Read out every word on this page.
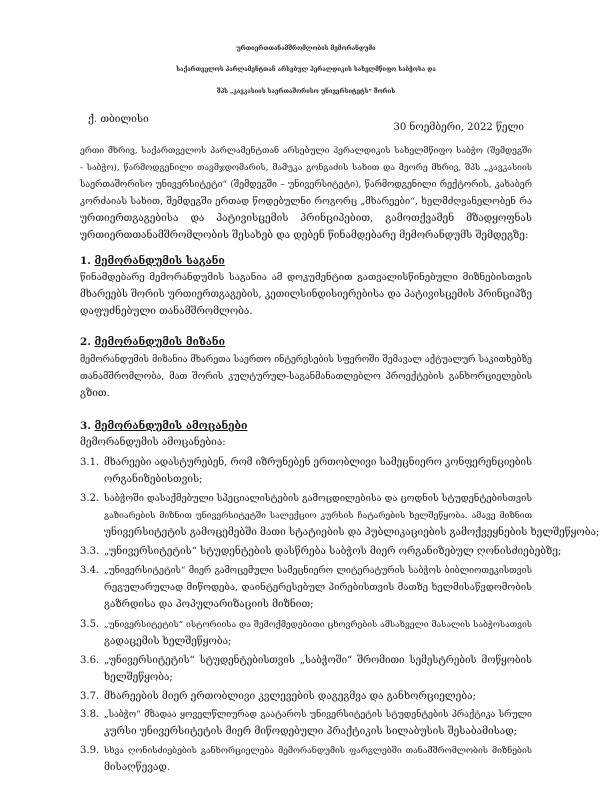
ურთიერთთანამშრომლობის მემორანდუმი
საქართველოს პარლამენტთან არსებულ ჰერალდიკის სახელმწიფო საბჭოსა და
შპს „კავკასიის საერთაშორისო უნივერსიტეტს“ შორის
ქ. თბილისი
30 ნოემბერი, 2022 წელი
ერთი მხრივ, საქართველოს პარლამენტთან არსებული ჰერალდიკის სახელმწიფო საბჭო (შემდეგში
- საბჭო), წარმოდგენილი თავმჯდომარის, მამუკა გონგაძის სახით და მეორე მხრივ, შპს „კავკასიის
საერთაშორისო უნივერსიტეტი“ (შემდეგში – უნივერსიტეტი), წარმოდგენილი რექტორის, კახაბერ
კორძაიას სახით, შემდეგში ერთად წოდებულნი როგორც „მხარეები“, ხელმძღვანელობენ რა
ურთიერთგაგებისა და პატივისცემის პრინციპებით, გამოთქვამენ მზადყოფნას
ურთიერთთანამშრომლობის შესახებ და დებენ წინამდებარე მემორანდუმს შემდეგზე:
1. მემორანდუმის საგანი
წინამდებარე მემორანდუმის საგანია ამ დოკუმენტით გათვალისწინებული მიზნებისთვის
მხარეებს შორის ურთიერთგაგების, კეთილსინდისიერებისა და პატივისცემის პრინციპზე
დაფუძნებული თანამშრომლობა.
2. მემორანდუმის მიზანი
მემორანდუმის მიზანია მხარეთა საერთო ინტერესების სფეროში შემავალ აქტუალურ საკითხებზე
თანამშრომლობა, მათ შორის კულტურულ-საგანმანათლებლო პროექტების განხორციელების
გზით.
3. მემორანდუმის ამოცანები
მემორანდუმის ამოცანებია:
3.1. მხარეები ადასტურებენ, რომ იზრუნებენ ერთობლივი სამეცნიერო კონფერენციების
ორგანიზებისთვის;
3.2. საბჭოში დასაქმებული სპეციალისტების გამოცდილებისა და ცოდნის სტუდენტებისთვის
გაზიარების მიზნით უნივერსიტეტში სალექციო კურსის ჩატარების ხელშეწყობა. ამავე მიზნით
უნივერსიტეტის გამოცემებში მათი სტატიების და პუბლიკაციების გამოქვეყნების ხელშეწყობა;
3.3. „უნივერსიტეტის“ სტუდენტების დასწრება საბჭოს მიერ ორგანიზებულ ღონისძიებებზე;
3.4. „უნივერსიტეტის“ მიერ გამოცემული სამეცნიერო ლიტერატურის საბჭოს ბიბლიოთეკისთვის
რეგულარულად მიწოდება, დაინტერესებულ პირებისთვის მათზე ხელმისაწვდომობის
გაზრდისა და პოპულარიზაციის მიზნით;
3.5. „უნივერსიტეტის“ ისტორიისა და შემოქმედებითი ცხოვრების ამსახველი მასალის საბჭოსათვის
გადაცემის ხელშეწყობა;
3.6. „უნივერსიტეტის“ სტუდენტებისთვის „საბჭოში“ შრომითი სემესტრების მოწყობის
ხელშეწყობა;
3.7. მხარეების მიერ ერთობლივი კვლევების დაგეგმვა და განხორციელება;
3.8. „საბჭო“ მზადაა ყოველწლიურად გაატაროს უნივერსიტეტის სტუდენტების პრაქტიკა სრული
კურსი უნივერსიტეტის მიერ მიწოდებული პრაქტიკის სილაბუსის შესაბამისად;
3.9. სხვა ღონისძიებების განხორციელება მემორანდუმის ფარგლებში თანამშრომლობის მიზნების
მისაღწევად.
